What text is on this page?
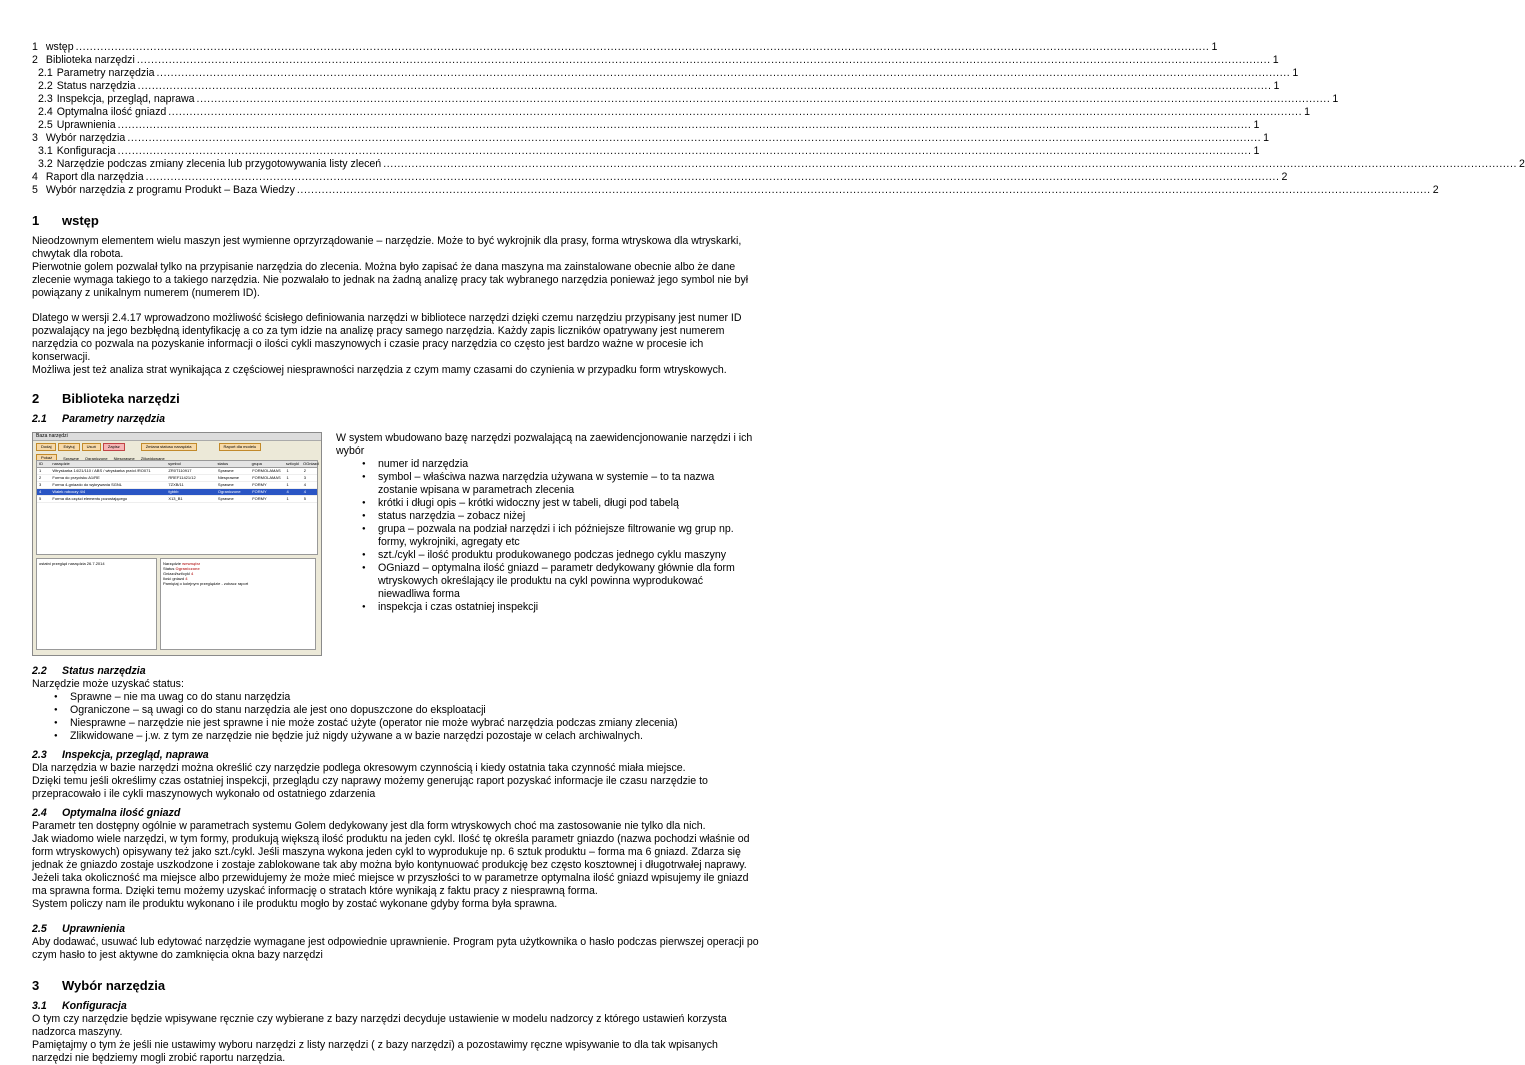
1 wstęp .....	1
2 Biblioteka narzędzi .....	1
2.1 Parametry narzędzia .....	1
2.2 Status narzędzia .....	1
2.3 Inspekcja, przegląd, naprawa .....	1
2.4 Optymalna ilość gniazd .....	1
2.5 Uprawnienia .....	1
3 Wybór narzędzia .....	1
3.1 Konfiguracja .....	1
3.2 Narzędzie podczas zmiany zlecenia lub przygotowywania listy zleceń .....	2
4 Raport dla narzędzia .....	2
5 Wybór narzędzia z programu Produkt – Baza Wiedzy .....	2
1	wstęp

Nieodzownym elementem wielu maszyn jest wymienne oprzyrządowanie – narzędzie. Może to być wykrojnik dla prasy, forma wtryskowa dla wtryskarki, chwytak dla robota.

Pierwotnie golem pozwalał tylko na przypisanie narzędzia do zlecenia. Można było zapisać że dana maszyna ma zainstalowane obecnie albo że dane zlecenie wymaga takiego to a takiego narzędzia. Nie pozwalało to jednak na żadną analizę pracy tak wybranego narzędzia ponieważ jego symbol nie był powiązany z unikalnym numerem (numerem ID).

Dlatego w wersji 2.4.17 wprowadzono możliwość ścisłego definiowania narzędzi w bibliotece narzędzi dzięki czemu narzędziu przypisany jest numer ID pozwalający na jego bezbłędną identyfikację a co za tym idzie na analizę pracy samego narzędzia. Każdy zapis liczników opatrywany jest numerem narzędzia co pozwala na pozyskanie informacji o ilości cykli maszynowych i czasie pracy narzędzia co często jest bardzo ważne w procesie ich konserwacji.

Możliwa jest też analiza strat wynikająca z częściowej niesprawności narzędzia z czym mamy czasami do czynienia w przypadku form wtryskowych.

2	Biblioteka narzędzi
2.1	Parametry narzędzia
Baza narzędzi
Dodaj	Edytuj	Usuń	Zapisz	Zmiana statusu narzędzia	Raport dla modelu
Pokaż	Sprawne Ograniczone Niesprawne Zlikwidowane
ID	narzędzie	symbol	status	grupa	szt/cykl	OGniazd
1	Wtryskarka 14/21/110 / ABS / wtryskarka przód /RO071	ZR0T110917	Sprawne	FORMOLAMAS	1	2
2	Forma do przycisku A1/RE	RREF11421/12	Niesprawne	FORMOLAMAS	1	3
3	Forma 4-gniazdo do wykrywania SGNL	7ZXB/11	Sprawne	FORMY	1	4
4	Wałek roboczy 4/4	fgbbb	Ograniczone	FORMY	4	4
5	Forma dla części elementu pozostającego	X13_B1	Sprawne	FORMY	1	5
ostatni przegląd narzędzia 26.7.2014	Narzędzie wewnątrz
Status Ograniczone
Gniazd/szt/cykl 4
Ilość gniazd 4
Pamiętaj o kolejnym przeglądzie - zobacz raport

W system wbudowano bazę narzędzi pozwalającą na zaewidencjonowanie narzędzi i ich wybór

● numer id narzędzia
● symbol – właściwa nazwa narzędzia używana w systemie – to ta nazwa zostanie wpisana w parametrach zlecenia
● krótki i długi opis – krótki widoczny jest w tabeli, długi pod tabelą
● status narzędzia – zobacz niżej
● grupa – pozwala na podział narzędzi i ich późniejsze filtrowanie wg grup np. formy, wykrojniki, agregaty etc
● szt./cykl – ilość produktu produkowanego podczas jednego cyklu maszyny
● OGniazd – optymalna ilość gniazd – parametr dedykowany głównie dla form wtryskowych określający ile produktu na cykl powinna wyprodukować niewadliwa forma
● inspekcja i czas ostatniej inspekcji
2.2	Status narzędzia

Narzędzie może uzyskać status:

● Sprawne – nie ma uwag co do stanu narzędzia
● Ograniczone – są uwagi co do stanu narzędzia ale jest ono dopuszczone do eksploatacji
● Niesprawne – narzędzie nie jest sprawne i nie może zostać użyte (operator nie może wybrać narzędzia podczas zmiany zlecenia)
● Zlikwidowane – j.w. z tym ze narzędzie nie będzie już nigdy używane a w bazie narzędzi pozostaje w celach archiwalnych.
2.3	Inspekcja, przegląd, naprawa

Dla narzędzia w bazie narzędzi można określić czy narzędzie podlega okresowym czynnością i kiedy ostatnia taka czynność miała miejsce.

Dzięki temu jeśli określimy czas ostatniej inspekcji, przeglądu czy naprawy możemy generując raport pozyskać informacje ile czasu narzędzie to przepracowało i ile cykli maszynowych wykonało od ostatniego zdarzenia

2.4	Optymalna ilość gniazd

Parametr ten dostępny ogólnie w parametrach systemu Golem dedykowany jest dla form wtryskowych choć ma zastosowanie nie tylko dla nich.

Jak wiadomo wiele narzędzi, w tym formy, produkują większą ilość produktu na jeden cykl. Ilość tę określa parametr gniazdo (nazwa pochodzi właśnie od form wtryskowych) opisywany też jako szt./cykl. Jeśli maszyna wykona jeden cykl to wyprodukuje np. 6 sztuk produktu – forma ma 6 gniazd. Zdarza się jednak że gniazdo zostaje uszkodzone i zostaje zablokowane tak aby można było kontynuować produkcję bez często kosztownej i długotrwałej naprawy.

Jeżeli taka okoliczność ma miejsce albo przewidujemy że może mieć miejsce w przyszłości to w parametrze optymalna ilość gniazd wpisujemy ile gniazd ma sprawna forma. Dzięki temu możemy uzyskać informację o stratach które wynikają z faktu pracy z niesprawną forma.

System policzy nam ile produktu wykonano i ile produktu mogło by zostać wykonane gdyby forma była sprawna.

2.5	Uprawnienia

Aby dodawać, usuwać lub edytować narzędzie wymagane jest odpowiednie uprawnienie. Program pyta użytkownika o hasło podczas pierwszej operacji po czym hasło to jest aktywne do zamknięcia okna bazy narzędzi

3	Wybór narzędzia
3.1	Konfiguracja

O tym czy narzędzie będzie wpisywane ręcznie czy wybierane z bazy narzędzi decyduje ustawienie w modelu nadzorcy z którego ustawień korzysta nadzorca maszyny.

Pamiętajmy o tym że jeśli nie ustawimy wyboru narzędzi z listy narzędzi ( z bazy narzędzi) a pozostawimy ręczne wpisywanie to dla tak wpisanych narzędzi nie będziemy mogli zrobić raportu narzędzia.
